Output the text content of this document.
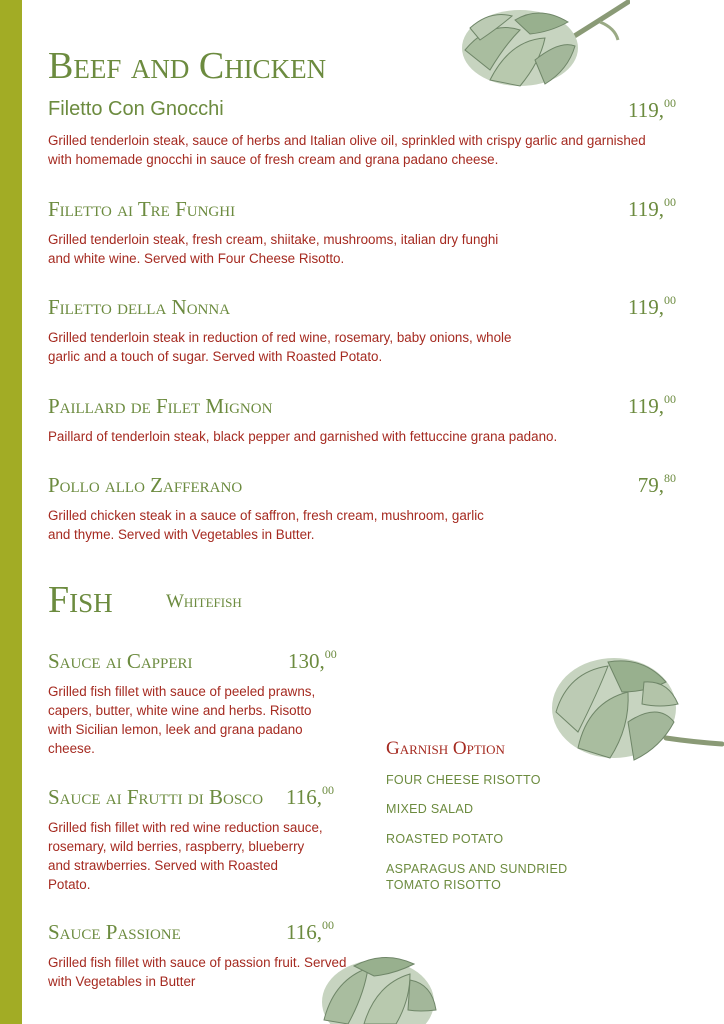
Beef and Chicken
Filetto Con Gnocchi	119,00

Grilled tenderloin steak, sauce of herbs and Italian olive oil, sprinkled with crispy garlic and garnished with homemade gnocchi in sauce of fresh cream and grana padano cheese.

Filetto ai Tre Funghi	119,00

Grilled tenderloin steak, fresh cream, shiitake, mushrooms, italian dry funghi and white wine. Served with Four Cheese Risotto.

Filetto della Nonna	119,00

Grilled tenderloin steak in reduction of red wine, rosemary, baby onions, whole garlic and a touch of sugar. Served with Roasted Potato.

Paillard de Filet Mignon	119,00

Paillard of tenderloin steak, black pepper and garnished with fettuccine grana padano.

Pollo allo Zafferano	79,80

Grilled chicken steak in a sauce of saffron, fresh cream, mushroom, garlic and thyme. Served with Vegetables in Butter.

Fish	Whitefish
Sauce ai Capperi	130,00

Grilled fish fillet with sauce of peeled prawns, capers, butter, white wine and herbs. Risotto with Sicilian lemon, leek and grana padano cheese.

Sauce ai Frutti di Bosco 116,00

Grilled fish fillet with red wine reduction sauce, rosemary, wild berries, raspberry, blueberry and strawberries. Served with Roasted Potato.

Sauce Passione	116,00

Grilled fish fillet with sauce of passion fruit. Served with Vegetables in Butter

Garnish Option

FOUR CHEESE RISOTTO

MIXED SALAD

ROASTED POTATO

ASPARAGUS AND SUNDRIED TOMATO RISOTTO
